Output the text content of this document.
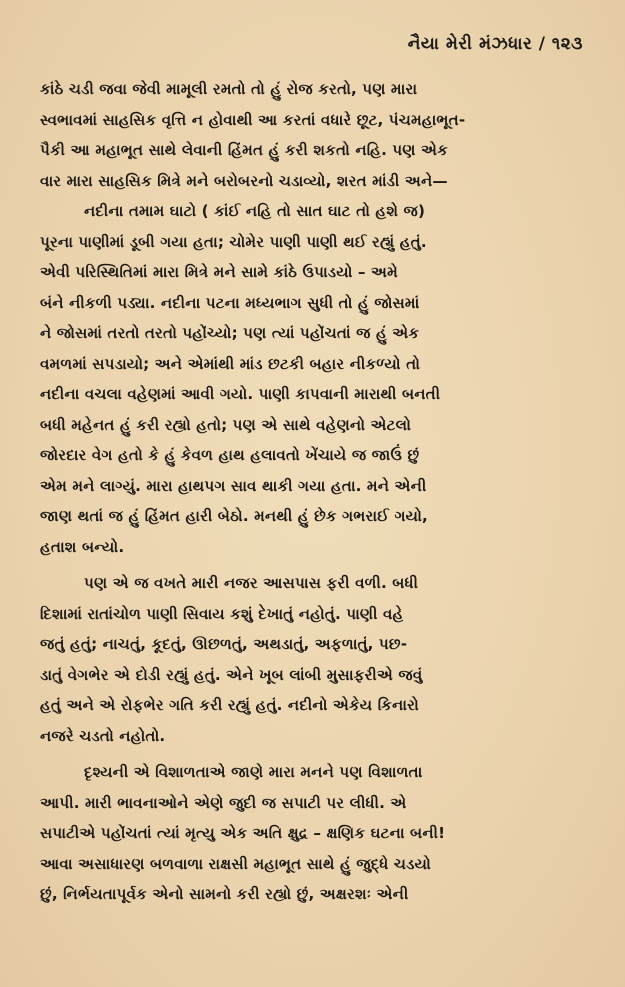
નૈયા મેરી મંઝધાર / ૧૨૩
કાંઠે ચડી જવા જેવી મામૂલી રમતો તો હું રોજ કરતો, પણ મારા
સ્વભાવમાં સાહસિક વૃત્તિ ન હોવાથી આ કરતાં વધારે છૂટ, પંચમહાભૂત-
પૈકી આ મહાભૂત સાથે લેવાની હિંમત હું કરી શકતો નહિ. પણ એક
વાર મારા સાહસિક મિત્રે મને બરોબરનો ચડાવ્યો, શરત માંડી અને—
નદીના તમામ ઘાટો ( કાંઈ નહિ તો સાત ઘાટ તો હશે જ)
પૂરના પાણીમાં ડૂબી ગયા હતા; ચોમેર પાણી પાણી થઈ રહ્યું હતું.
એવી પરિસ્થિતિમાં મારા મિત્રે મને સામે કાંઠે ઉપાડયો – અમે
બંને નીકળી પડ્યા. નદીના પટના મધ્યભાગ સુધી તો હું જોસમાં
ને જોસમાં તરતો તરતો પહોંચ્યો; પણ ત્યાં પહોંચતાં જ હું એક
વમળમાં સપડાયો; અને એમાંથી માંડ છટકી બહાર નીકળ્યો તો
નદીના વચલા વહેણમાં આવી ગયો. પાણી કાપવાની મારાથી બનતી
બધી મહેનત હું કરી રહ્યો હતો; પણ એ સાથે વહેણનો એટલો
જોરદાર વેગ હતો કે હું કેવળ હાથ હલાવતો ખેંચાયે જ જાઉં છું
એમ મને લાગ્યું. મારા હાથપગ સાવ થાકી ગયા હતા. મને એની
જાણ થતાં જ હું હિંમત હારી બેઠો. મનથી હું છેક ગભરાઈ ગયો,
હતાશ બન્યો.
પણ એ જ વખતે મારી નજર આસપાસ ફરી વળી. બધી
દિશામાં રાતાંચોળ પાણી સિવાય કશું દેખાતું નહોતું. પાણી વહે
જતું હતું; નાચતું, કૂદતું, ઊછળતું, અથડાતું, અફળાતું, પછ-
ડાતું વેગભેર એ દોડી રહ્યું હતું. એને ખૂબ લાંબી મુસાફરીએ જવું
હતું અને એ રોફભેર ગતિ કરી રહ્યું હતું. નદીનો એકેય કિનારો
નજરે ચડતો નહોતો.
દૃશ્યની એ વિશાળતાએ જાણે મારા મનને પણ વિશાળતા
આપી. મારી ભાવનાઓને એણે જુદી જ સપાટી પર લીધી. એ
સપાટીએ પહોંચતાં ત્યાં મૃત્યુ એક અતિ ક્ષુદ્ર – ક્ષણિક ઘટના બની!
આવા અસાધારણ બળવાળા રાક્ષસી મહાભૂત સાથે હું જુદ્ધે ચડયો
છું, નિર્ભયતાપૂર્વક એનો સામનો કરી રહ્યો છું, અક્ષરશઃ એની
